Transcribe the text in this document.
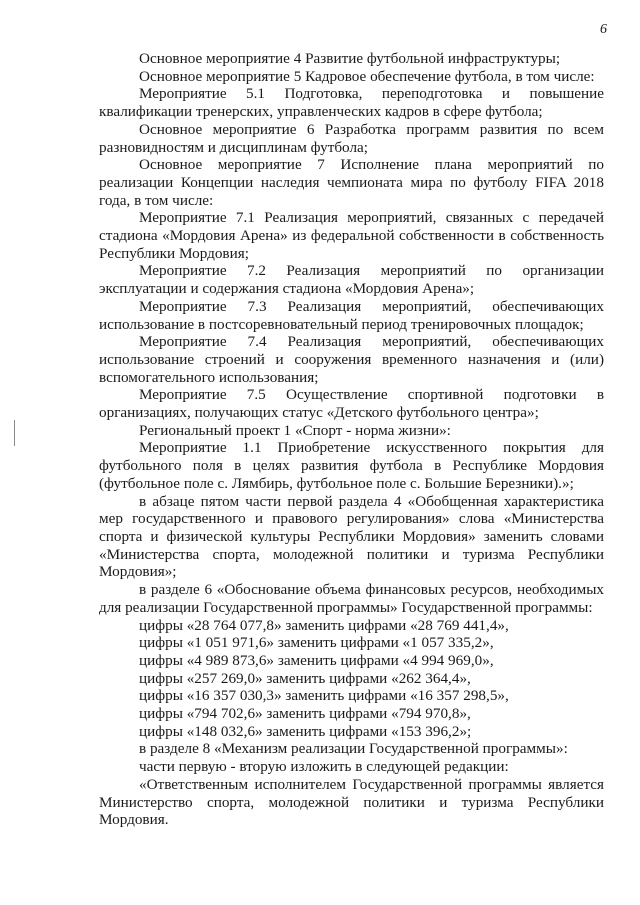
6

Основное мероприятие 4 Развитие футбольной инфраструктуры;

Основное мероприятие 5 Кадровое обеспечение футбола, в том числе:

Мероприятие 5.1 Подготовка, переподготовка и повышение квалификации тренерских, управленческих кадров в сфере футбола;

Основное мероприятие 6 Разработка программ развития по всем разновидностям и дисциплинам футбола;

Основное мероприятие 7 Исполнение плана мероприятий по реализации Концепции наследия чемпионата мира по футболу FIFA 2018 года, в том числе:

Мероприятие 7.1 Реализация мероприятий, связанных с передачей стадиона «Мордовия Арена» из федеральной собственности в собственность Республики Мордовия;

Мероприятие 7.2 Реализация мероприятий по организации эксплуатации и содержания стадиона «Мордовия Арена»;

Мероприятие 7.3 Реализация мероприятий, обеспечивающих использование в постсоревновательный период тренировочных площадок;

Мероприятие 7.4 Реализация мероприятий, обеспечивающих использование строений и сооружения временного назначения и (или) вспомогательного использования;

Мероприятие 7.5 Осуществление спортивной подготовки в организациях, получающих статус «Детского футбольного центра»;

Региональный проект 1 «Спорт - норма жизни»:

Мероприятие 1.1 Приобретение искусственного покрытия для футбольного поля в целях развития футбола в Республике Мордовия (футбольное поле с. Лямбирь, футбольное поле с. Большие Березники).»;

в абзаце пятом части первой раздела 4 «Обобщенная характеристика мер государственного и правового регулирования» слова «Министерства спорта и физической культуры Республики Мордовия» заменить словами «Министерства спорта, молодежной политики и туризма Республики Мордовия»;

в разделе 6 «Обоснование объема финансовых ресурсов, необходимых для реализации Государственной программы» Государственной программы:

цифры «28 764 077,8» заменить цифрами «28 769 441,4»,

цифры «1 051 971,6» заменить цифрами «1 057 335,2»,

цифры «4 989 873,6» заменить цифрами «4 994 969,0»,

цифры «257 269,0» заменить цифрами «262 364,4»,

цифры «16 357 030,3» заменить цифрами «16 357 298,5»,

цифры «794 702,6» заменить цифрами «794 970,8»,

цифры «148 032,6» заменить цифрами «153 396,2»;

в разделе 8 «Механизм реализации Государственной программы»:

части первую - вторую изложить в следующей редакции:

«Ответственным исполнителем Государственной программы является Министерство спорта, молодежной политики и туризма Республики Мордовия.
